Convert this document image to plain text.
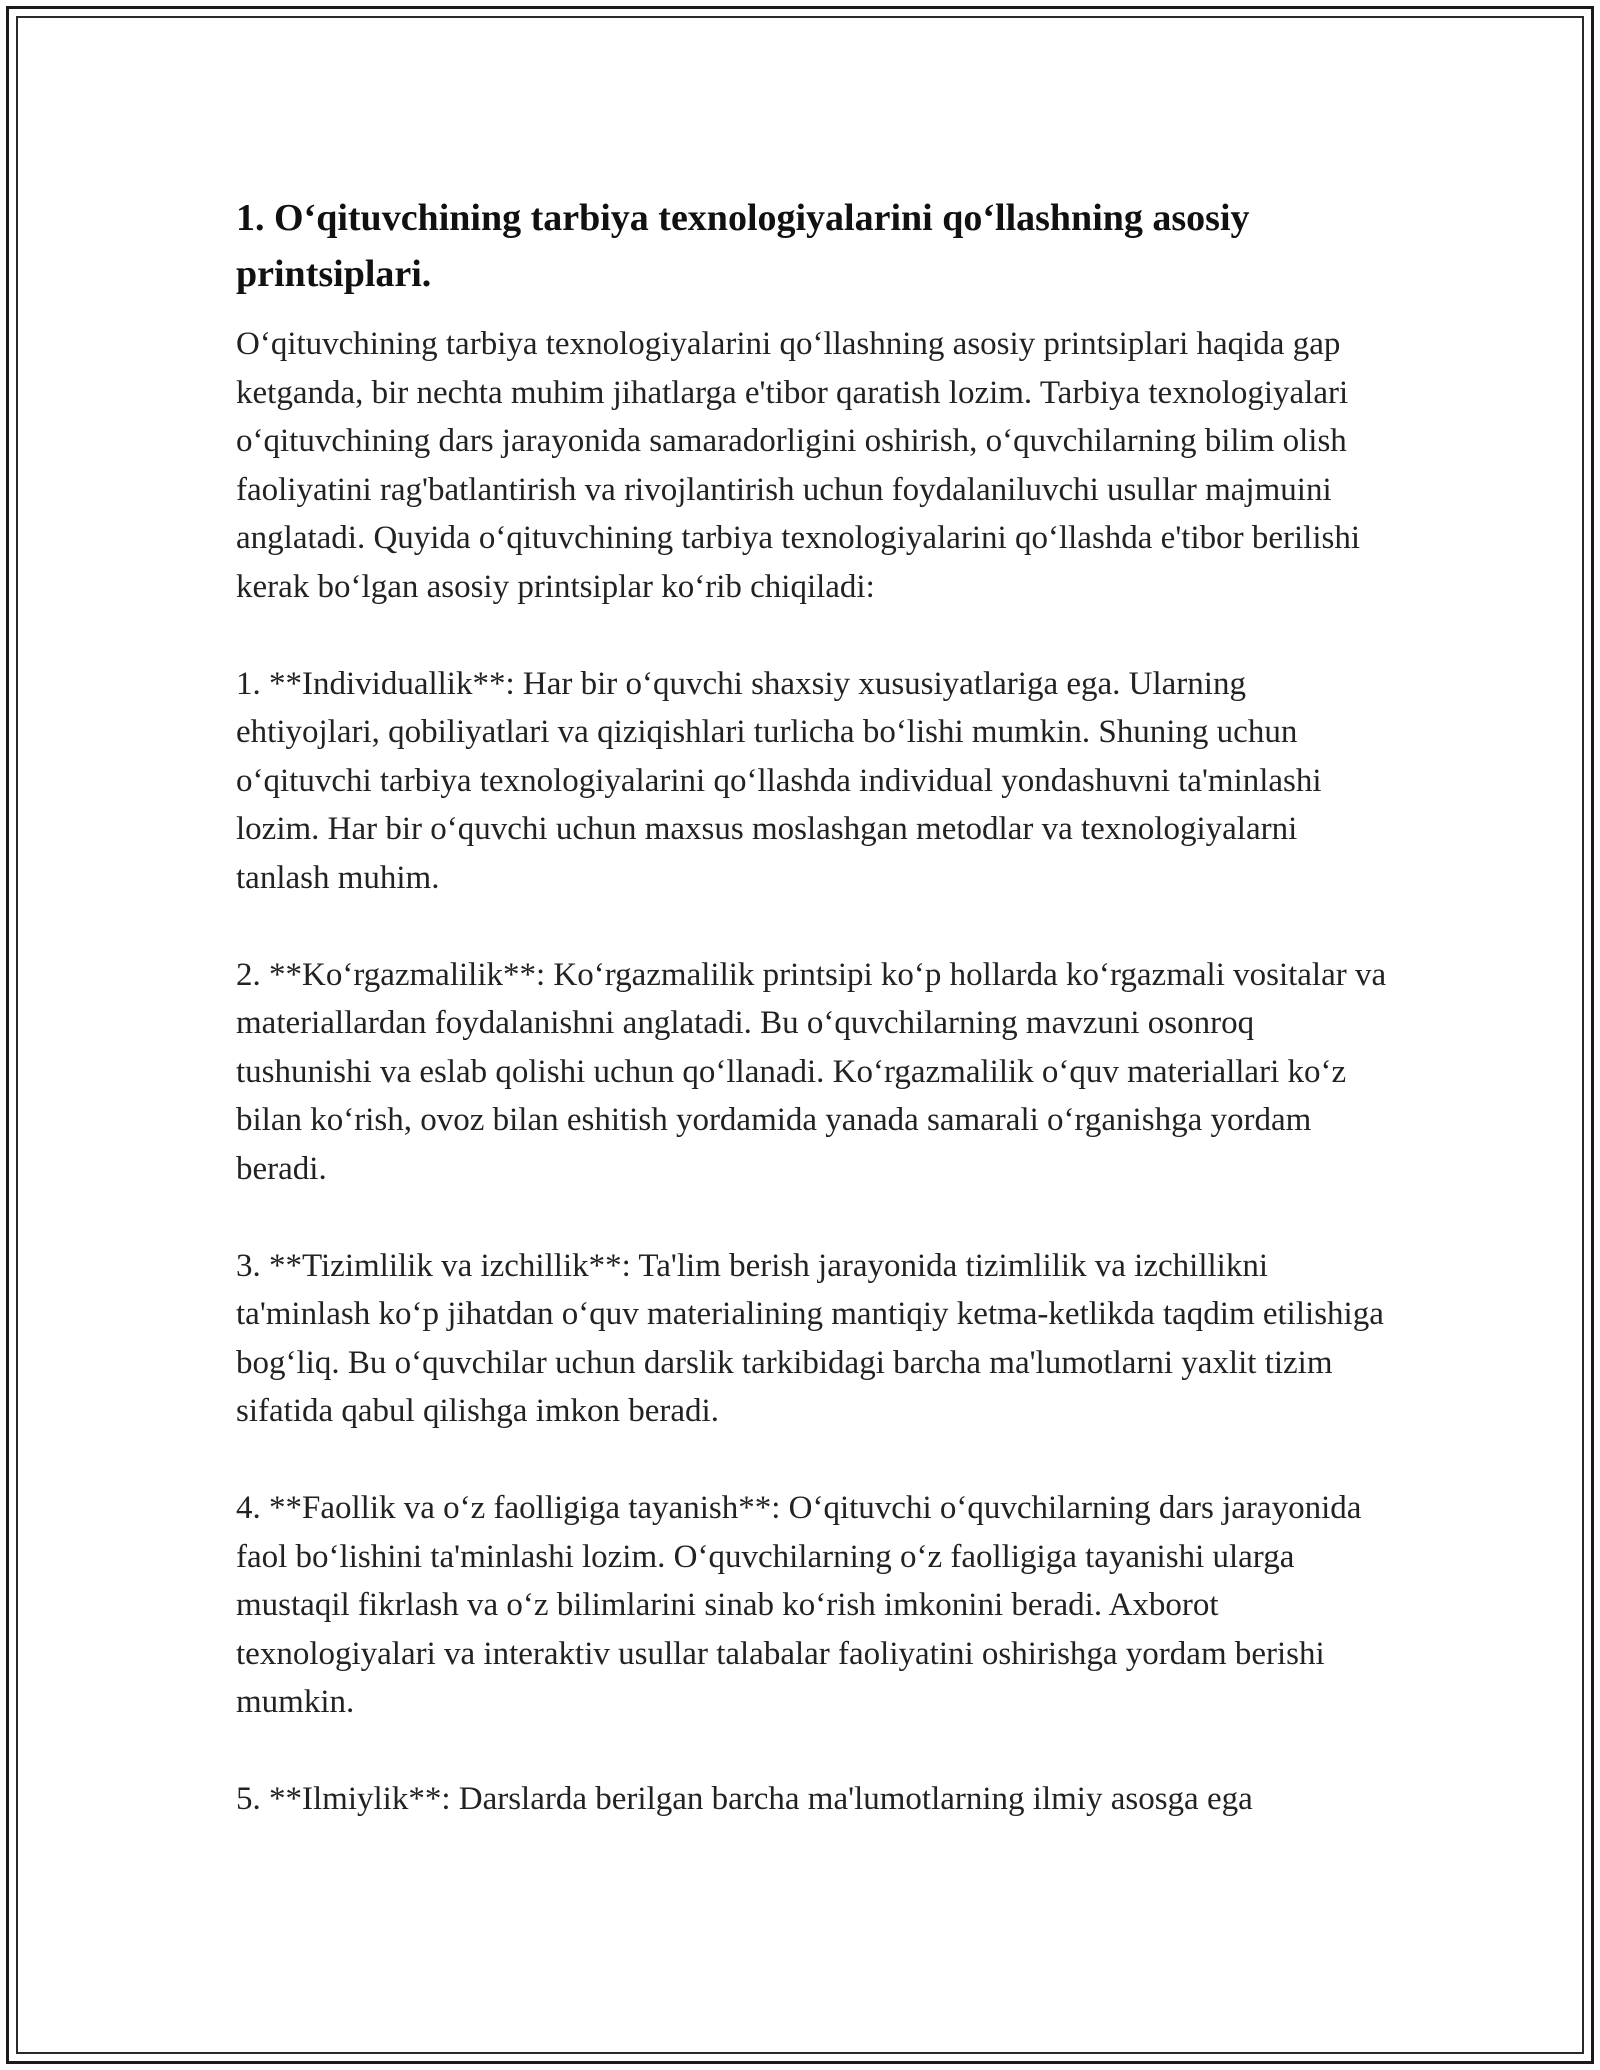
1. O‘qituvchining tarbiya texnologiyalarini qo‘llashning asosiy printsiplari.

O‘qituvchining tarbiya texnologiyalarini qo‘llashning asosiy printsiplari haqida gap ketganda, bir nechta muhim jihatlarga e'tibor qaratish lozim. Tarbiya texnologiyalari o‘qituvchining dars jarayonida samaradorligini oshirish, o‘quvchilarning bilim olish faoliyatini rag'batlantirish va rivojlantirish uchun foydalaniluvchi usullar majmuini anglatadi. Quyida o‘qituvchining tarbiya texnologiyalarini qo‘llashda e'tibor berilishi kerak bo‘lgan asosiy printsiplar ko‘rib chiqiladi:

1. **Individuallik**: Har bir o‘quvchi shaxsiy xususiyatlariga ega. Ularning ehtiyojlari, qobiliyatlari va qiziqishlari turlicha bo‘lishi mumkin. Shuning uchun o‘qituvchi tarbiya texnologiyalarini qo‘llashda individual yondashuvni ta'minlashi lozim. Har bir o‘quvchi uchun maxsus moslashgan metodlar va texnologiyalarni tanlash muhim.

2. **Ko‘rgazmalilik**: Ko‘rgazmalilik printsipi ko‘p hollarda ko‘rgazmali vositalar va materiallardan foydalanishni anglatadi. Bu o‘quvchilarning mavzuni osonroq tushunishi va eslab qolishi uchun qo‘llanadi. Ko‘rgazmalilik o‘quv materiallari ko‘z bilan ko‘rish, ovoz bilan eshitish yordamida yanada samarali o‘rganishga yordam beradi.

3. **Tizimlilik va izchillik**: Ta'lim berish jarayonida tizimlilik va izchillikni ta'minlash ko‘p jihatdan o‘quv materialining mantiqiy ketma-ketlikda taqdim etilishiga bog‘liq. Bu o‘quvchilar uchun darslik tarkibidagi barcha ma'lumotlarni yaxlit tizim sifatida qabul qilishga imkon beradi.

4. **Faollik va o‘z faolligiga tayanish**: O‘qituvchi o‘quvchilarning dars jarayonida faol bo‘lishini ta'minlashi lozim. O‘quvchilarning o‘z faolligiga tayanishi ularga mustaqil fikrlash va o‘z bilimlarini sinab ko‘rish imkonini beradi. Axborot texnologiyalari va interaktiv usullar talabalar faoliyatini oshirishga yordam berishi mumkin.

5. **Ilmiylik**: Darslarda berilgan barcha ma'lumotlarning ilmiy asosga ega
